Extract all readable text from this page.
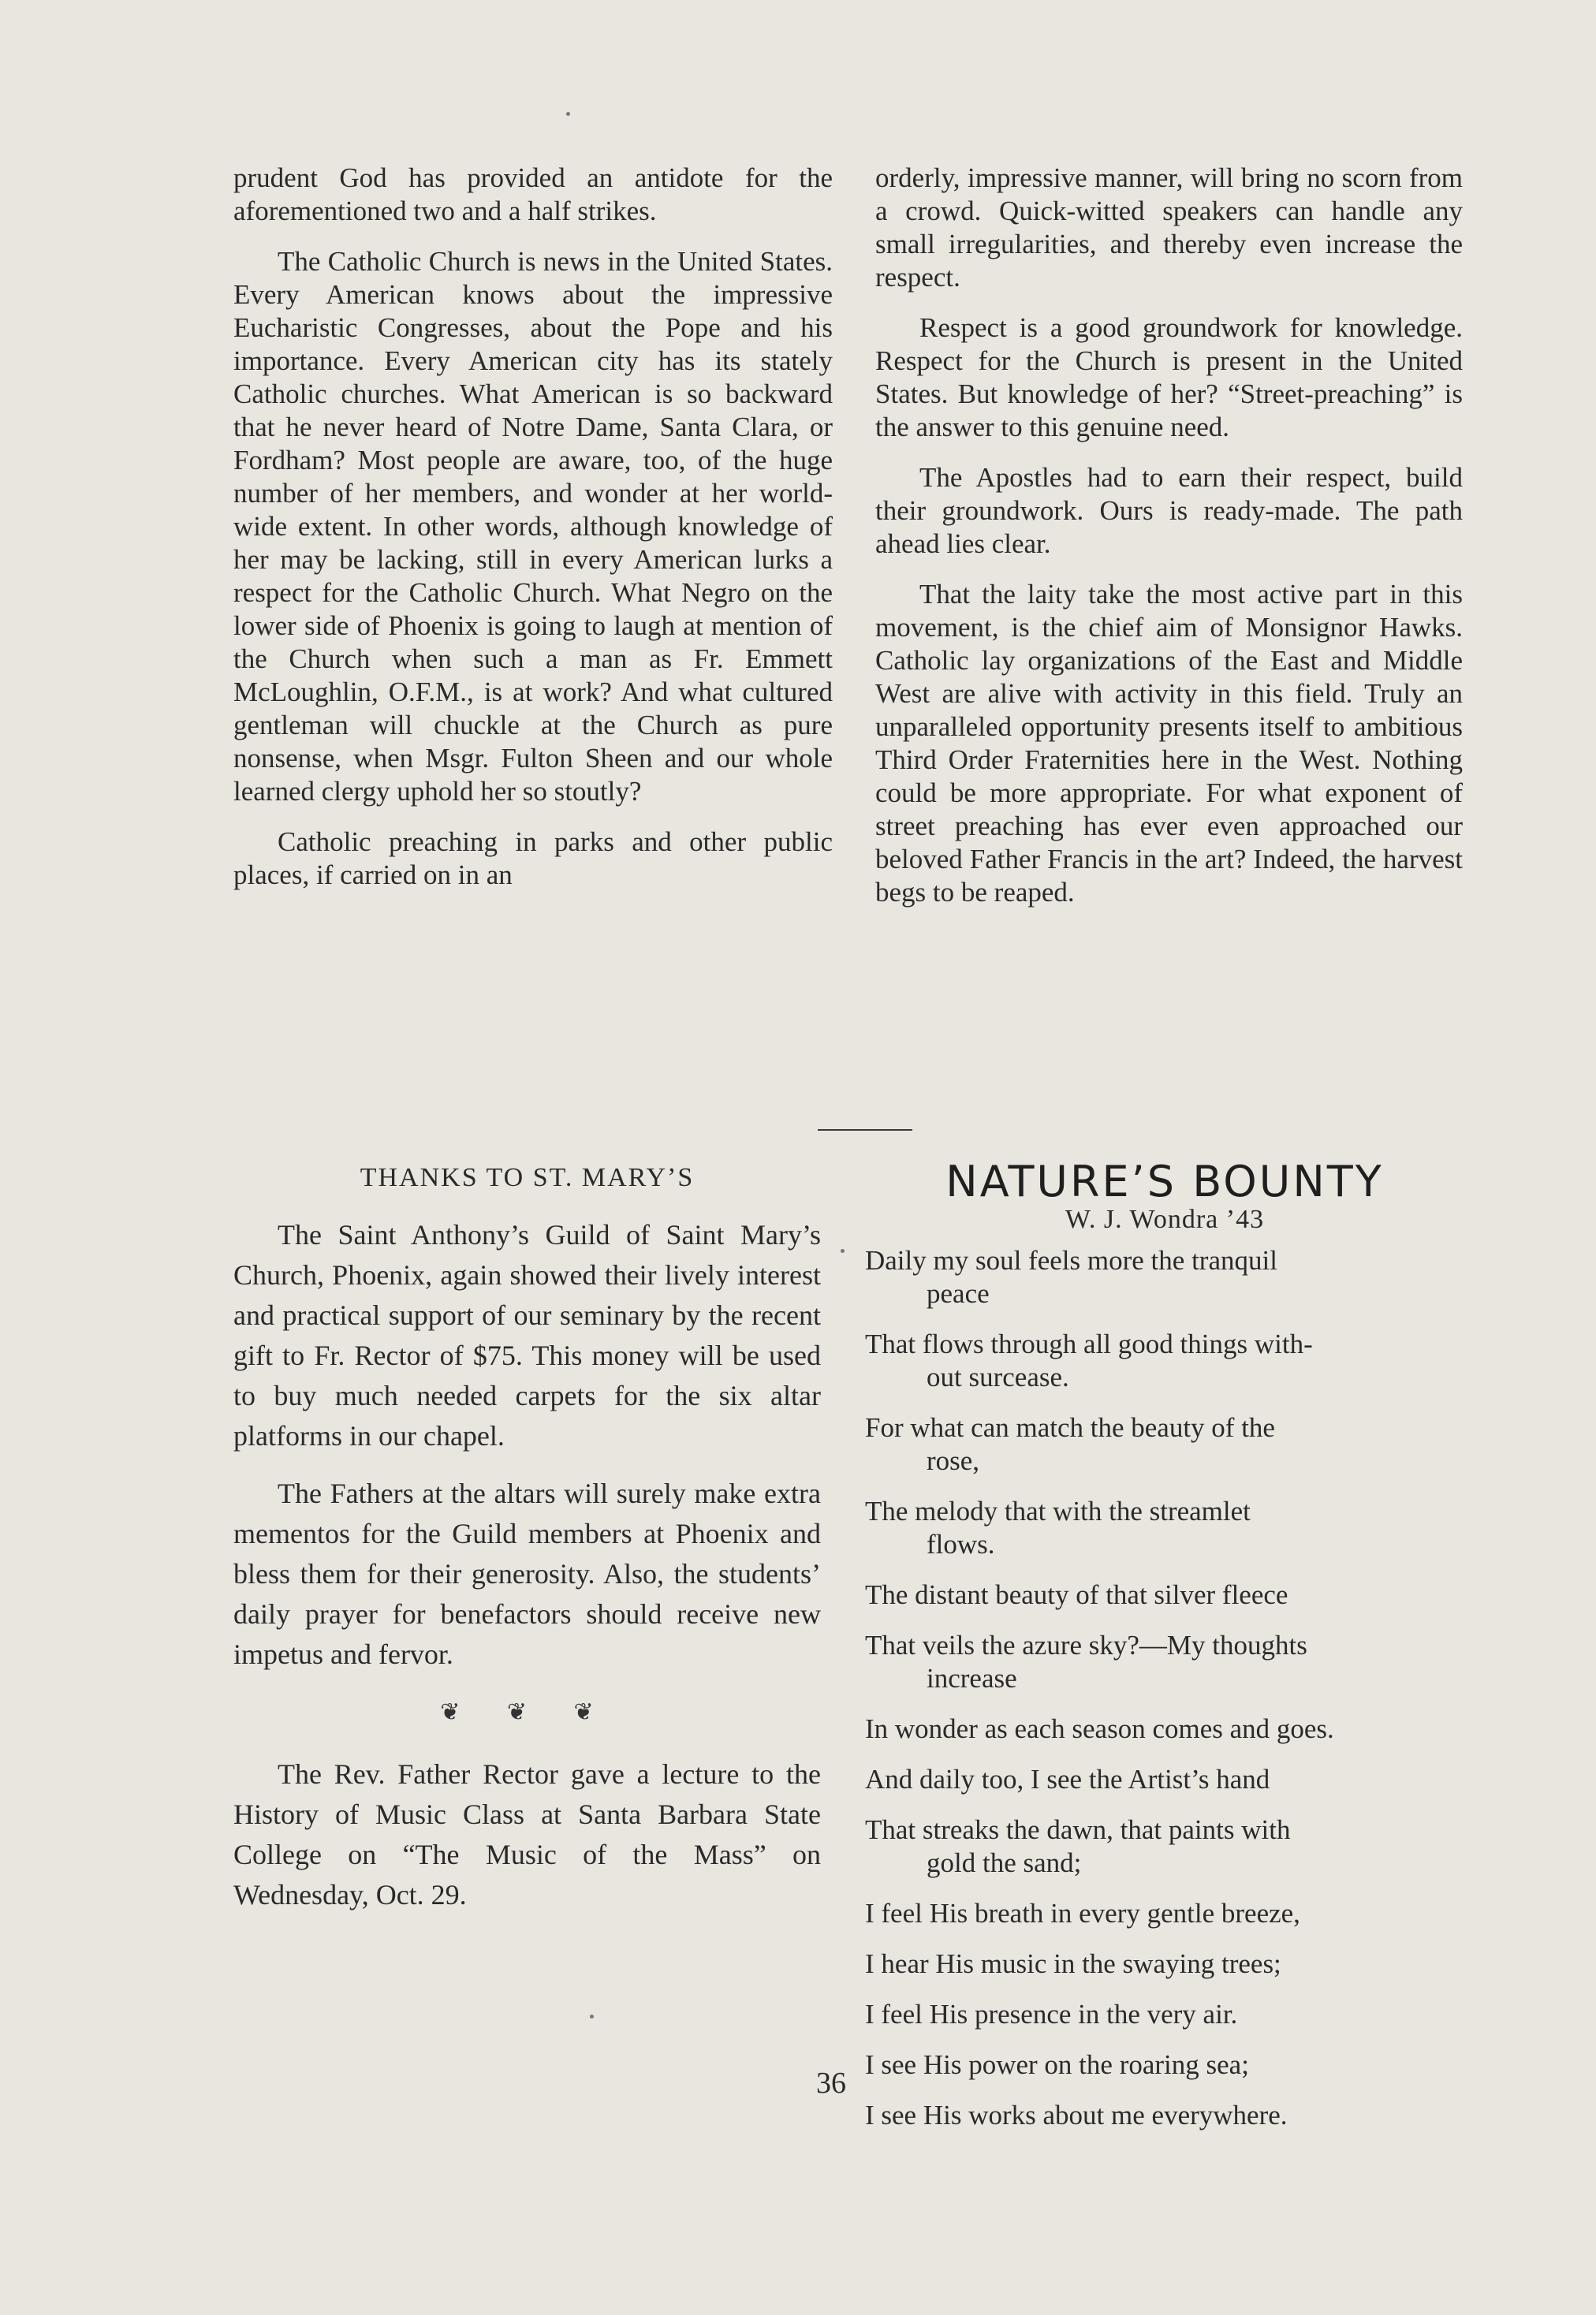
prudent God has provided an antidote for the aforementioned two and a half strikes.

The Catholic Church is news in the United States. Every American knows about the impressive Eucharistic Congresses, about the Pope and his importance. Every American city has its stately Catholic churches. What American is so backward that he never heard of Notre Dame, Santa Clara, or Fordham? Most people are aware, too, of the huge number of her members, and wonder at her world-wide extent. In other words, although knowledge of her may be lacking, still in every American lurks a respect for the Catholic Church. What Negro on the lower side of Phoenix is going to laugh at mention of the Church when such a man as Fr. Emmett McLoughlin, O.F.M., is at work? And what cultured gentleman will chuckle at the Church as pure nonsense, when Msgr. Fulton Sheen and our whole learned clergy uphold her so stoutly?

Catholic preaching in parks and other public places, if carried on in an

orderly, impressive manner, will bring no scorn from a crowd. Quick-witted speakers can handle any small irregularities, and thereby even increase the respect.

Respect is a good groundwork for knowledge. Respect for the Church is present in the United States. But knowledge of her? “Street-preaching” is the answer to this genuine need.

The Apostles had to earn their respect, build their groundwork. Ours is ready-made. The path ahead lies clear.

That the laity take the most active part in this movement, is the chief aim of Monsignor Hawks. Catholic lay organizations of the East and Middle West are alive with activity in this field. Truly an unparalleled opportunity presents itself to ambitious Third Order Fraternities here in the West. Nothing could be more appropriate. For what exponent of street preaching has ever even approached our beloved Father Francis in the art? Indeed, the harvest begs to be reaped.

THANKS TO ST. MARY’S

The Saint Anthony’s Guild of Saint Mary’s Church, Phoenix, again showed their lively interest and practical support of our seminary by the recent gift to Fr. Rector of $75. This money will be used to buy much needed carpets for the six altar platforms in our chapel.

The Fathers at the altars will surely make extra mementos for the Guild members at Phoenix and bless them for their generosity. Also, the students’ daily prayer for benefactors should receive new impetus and fervor.

❦ ❦ ❦

The Rev. Father Rector gave a lecture to the History of Music Class at Santa Barbara State College on “The Music of the Mass” on Wednesday, Oct. 29.

NATURE’S BOUNTY
W. J. Wondra ’43

Daily my soul feels more the tranquil
peace

That flows through all good things with-
out surcease.

For what can match the beauty of the
rose,

The melody that with the streamlet
flows.

The distant beauty of that silver fleece

That veils the azure sky?—My thoughts
increase

In wonder as each season comes and goes.

And daily too, I see the Artist’s hand

That streaks the dawn, that paints with
gold the sand;

I feel His breath in every gentle breeze,

I hear His music in the swaying trees;

I feel His presence in the very air.

I see His power on the roaring sea;

I see His works about me everywhere.

36
